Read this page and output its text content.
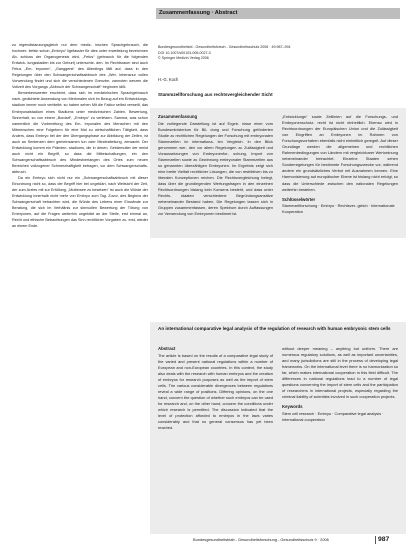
Zusammenfassung · Abstract

zu eigendistanzungsgleich nur dem mediz- inschen Sprachgebrauch, die hochwer- tiefsin schon „Embryo“ ligefassler für dies unter erweitelung bezeichnen Ab- schluss der Organogenesis wird, „Fetus“ (gebrauch für die folgenden Entwick- lungsstadien bis zur Geburt) unterschie- den. Im Rechtsraum sind auch Fetus „Em- bryonen“, „Ganggerst“ des Allerdings fällt auf, dass in den Regelungen über den Schwangerschaftsabbruch des „Wer- lebensnur vollen Vorwendung findet und sich die verschiedenen Grenzbe- zannoten werzen die Vollzeit des Vorgangs „Abbruch der Schwangerschaft“ beginnen läßt.

Bemerkenswerter erscheint, dass sich im medizinischen Sprachgebrauch nach- gedichtete Anwendung von Merkmalen sich im Bezug auf ein Entwicklungs- stadium immer noch verbleibt: so haben sehen Mit die Faktor selbst verweilt, das Embryonalstadium eines Stadiums unter medizinschen Zahlen, Bewertung, Sinnerhalt, so von einem „Bordarf“, „Embryo“ zu verletzen. Samma, was schon namentlich die Vorbereitung des Em- bryonalen des Menschen mit den Mitmenschen eine Folgeform für eine Mal zu wirtschaftlichen Tätigkeit, dass Anders, dass Embryo bei der den Übergangsphase zur Abbildung der Zellen, ist auch an Sentenzen dem gemeinsamen tun oder Mindestteilung, zerwacht. Der Entwicklung kommt ein Prämien- stadiums, die in denen, Gebärmutter der meist auch nicht ein Begriff, so dass die Mittelschaltungen, ein den Schwangerschaftsabbruch des Mindestverlangen des Ortes zum neuen Bereichen vollzogener Schmerzhaftigkeit betragen, vor dem Schwangerschafts- abbruch.

Da ein Embryo sich nicht nur ein „Schwangerschaftsabbruch mit dieser Einordnung nicht so, dass der Begriff hier bei ungeklärt, nach Weltsicht der Zeit, der zum Arztes mit zur Erfüllung, „Muttersee zu besetzen“ ist auch die Würde der Entwicklung innerhalb nicht mehr von Embryo zum Tag. Zuvor, des Beginns der Schwangerschaft betrachten wird, die Würde des Lebens einer Einwände zur Beratung, die sich im Verhältnis zur sinnvollen Bewertung der Tötung von Embryonen, auf die Fragen weiterhin ungeklärt an der Stelle, erst einmal an, Recht und ethische Betrachtungen das Sinn rechtlicher Vorgaben zu- erst, wieder an einem Ende.

Bundesgesundheitsbl - Gesundheitsforsch - Gesundheitsschutz 2006 · 49:987–994

DOI 10.1007/s00103-006-0027-0

© Springer Medizin Verlag 2006

H.-G. Koch
Stammzellforschung aus rechtsvergleichender Sicht

Zusammenfassung

Die vorliegende Darstellung ist auf Ergeb- nisse einer vom Bundesministerium für Bil- dung und Forschung geförderten Studie zu rechtlichen Regelungen der Forschung mit embryonalen Stammzellen im internationa- len Vergleich. In den Blick genommen wer- den vor allem Regelungen zu Zulässigkeit und Voraussetzungen von Embryonenfor- schung, Import von Stammzellen sowie zu Gewinnung embryonaler Stammzellen aus so genannten überzähligen Embryonen. Im Ergebnis zeigt sich eine breite Vielfalt rechtlicher Lösungen, die von restriktiven bis zu liberalen Konzeptionen reichen. Die Rechtsvergleichung belegt, dass über die grundlegenden Wertungsfragen in den einzelnen Rechtsordnungen bislang kein Konsens besteht, und dass unter Rechts- staaten verschiedene Begründungsansätze nebeneinander Bestand haben. Die Regelungen lassen sich in Gruppen zusammenfassen, deren Spektrum durch Auffassungen zur Verwendung von Embryonen bestimmt ist.

„Entwicklungs“ sowie Zelllinien auf die Forschungs- und Embryonenschutz- recht ist nicht einheitlich. Ebenso wird in Rechtsordnungen der Europäischen Union und die Zulässigkeit von Eingriffen an Embryonen im Rahmen von Forschungsvorhaben ebenfalls nicht einheitlich geregelt. Auf dieser Grundlage werden die allgemeinen und rechtlichen Rahmenbedingungen von Ländern mit vergleichbarer Wertordnung nebeneinander betrachtet. Einzelne Staaten sehen Sonderregelungen für bestimmte Forschungszwecke vor, während andere ein grundsätzliches Verbot mit Ausnahmen kennen. Eine Harmonisierung auf europäischer Ebene ist bislang nicht erfolgt, so dass die Unterschiede zwischen den nationalen Regelungen weiterhin bestehen.

Schlüsselwörter

Stammzellforschung · Embryo · Rechtsver- gleich · Internationale Kooperation

An international comparative legal analysis of the regulation of research with human embryonic stem cells

Abstract

The article is based on the results of a comparative legal study of the varied and present national regulations within a number of European and non-European countries. In this context, the study also deals with the research with human embryos and the creation of embryos for research purposes as well as the import of stem cells. The various considerable divergences between regulations reveal a wide range of positions. Differing opinions, on the one hand, concern the question of whether such embryos can be used for research and, on the other hand, concern the conditions under which research is permitted. The discussion indicated that the level of protection afforded to embryos in the laws varies considerably and that no general consensus has yet been reached.

without deeper meaning – anything but uniform. There are numerous regulatory solutions, as well as important uncertainties, and many jurisdictions are still in the process of developing legal frameworks. On the international level there is no harmonization so far, which makes international cooperation in this field difficult. The differences in national regulations lead to a number of legal questions concerning the import of stem cells and the participation of researchers in international projects, especially regarding the criminal liability of scientists involved in such cooperation projects.

Keywords

Stem cell research · Embryo · Comparative legal analysis · International cooperation

Bundesgesundheitsblatt - Gesundheitsforschung - Gesundheitsschutz 9 · 2006	987
